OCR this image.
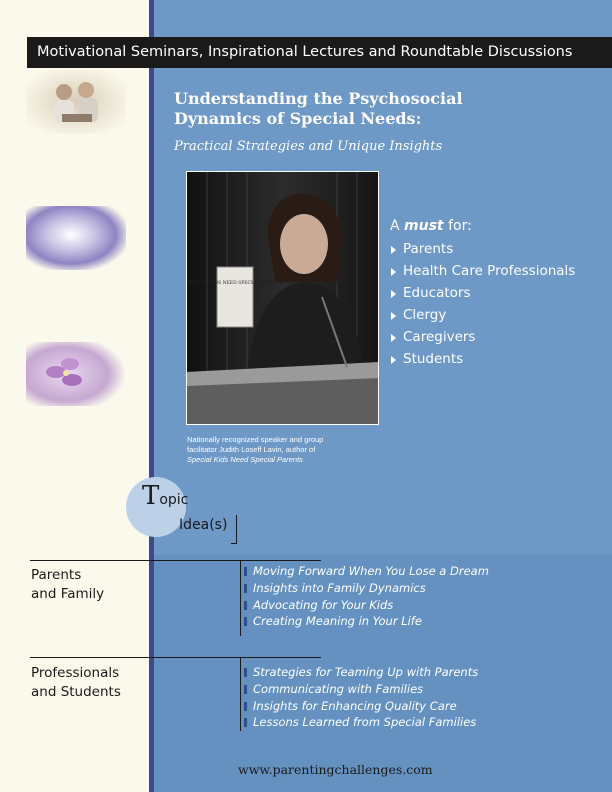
Motivational Seminars, Inspirational Lectures and Roundtable Discussions
Understanding the Psychosocial
Dynamics of Special Needs:
Practical Strategies and Unique Insights
SPECIAL KIDS NEED SPECIAL PARENTS
Nationally recognized speaker and group
facilitator Judith Loseff Lavin, author of
Special Kids Need Special Parents
A must for:
Parents
Health Care Professionals
Educators
Clergy
Caregivers
Students
Topic
Idea(s)
Parents
and Family
Moving Forward When You Lose a Dream
Insights into Family Dynamics
Advocating for Your Kids
Creating Meaning in Your Life
Professionals
and Students
Strategies for Teaming Up with Parents
Communicating with Families
Insights for Enhancing Quality Care
Lessons Learned from Special Families
www.parentingchallenges.com
